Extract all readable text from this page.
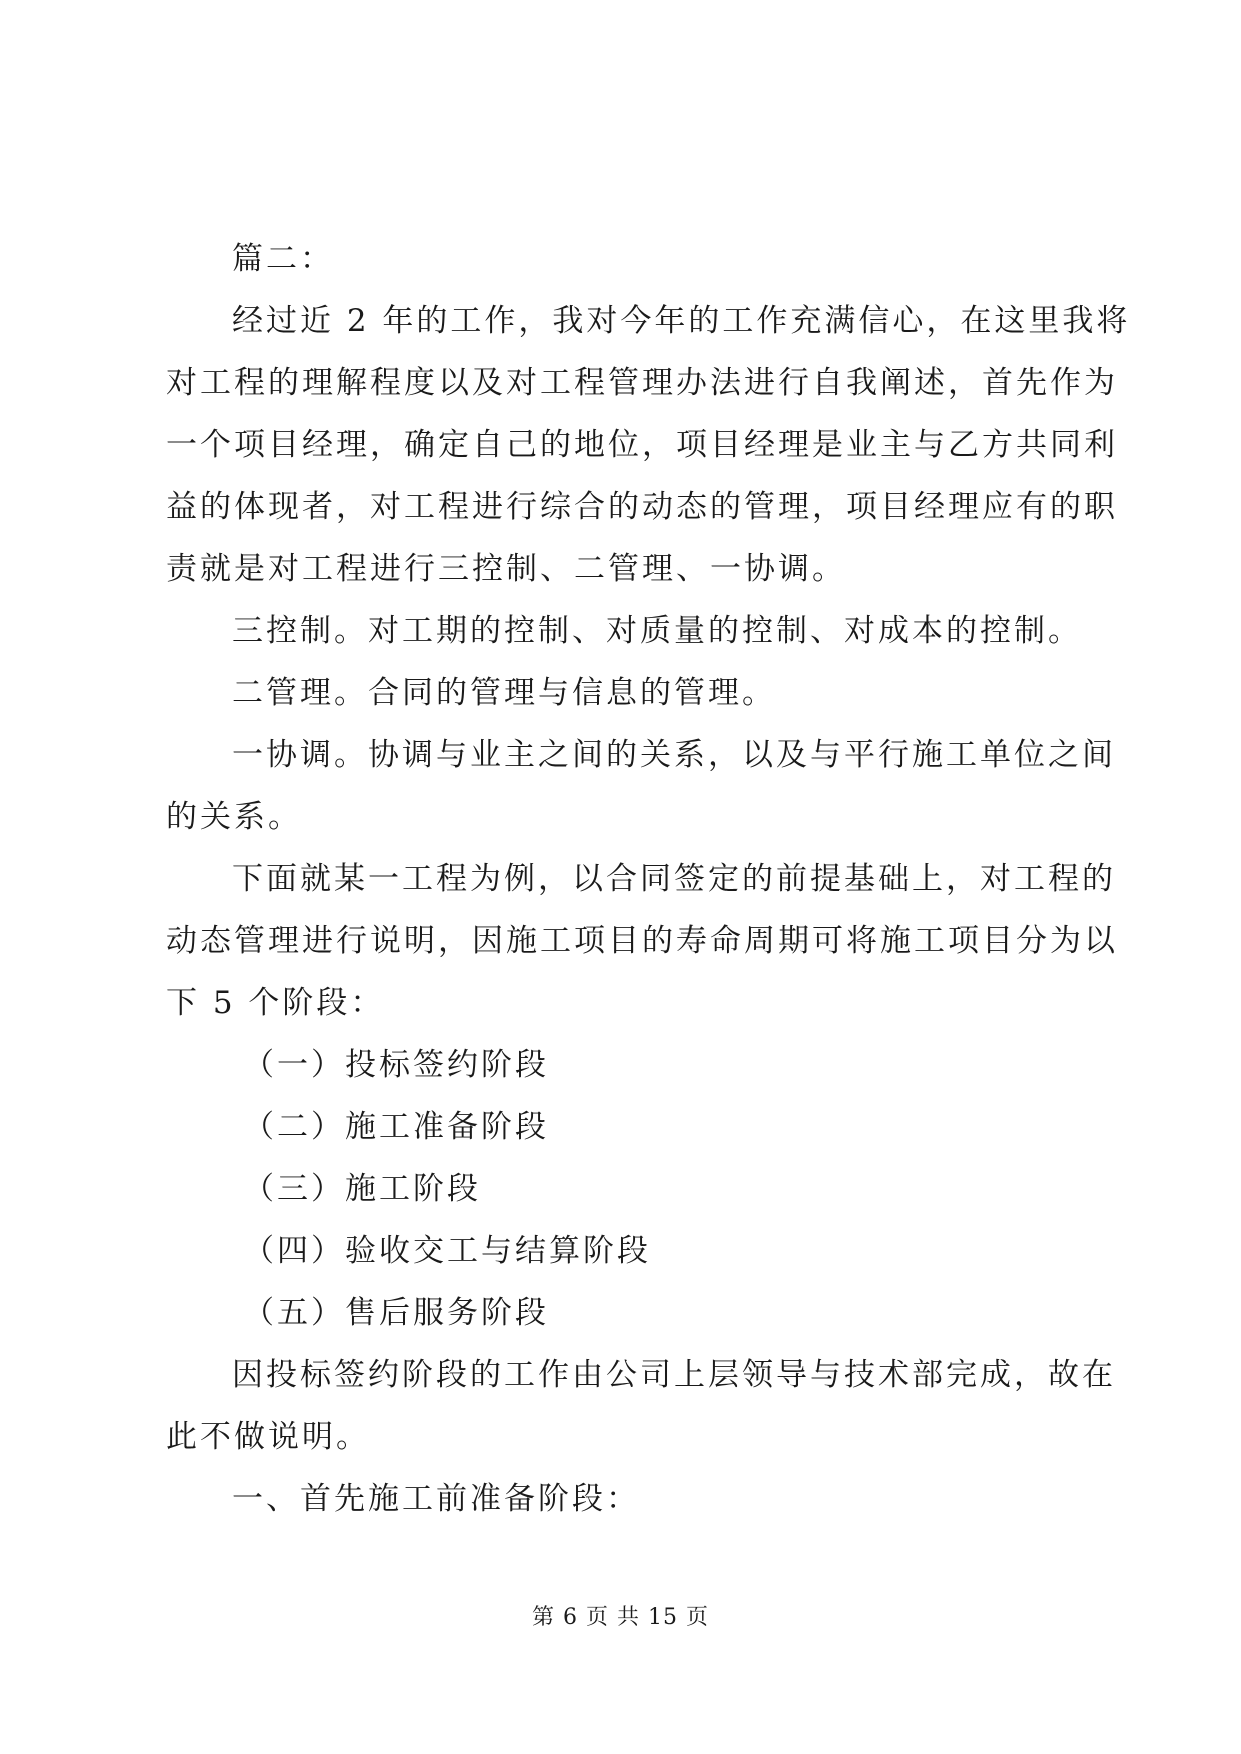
篇二：
经过近 2 年的工作，我对今年的工作充满信心，在这里我将
对工程的理解程度以及对工程管理办法进行自我阐述，首先作为
一个项目经理，确定自己的地位，项目经理是业主与乙方共同利
益的体现者，对工程进行综合的动态的管理，项目经理应有的职
责就是对工程进行三控制、二管理、一协调。
三控制。对工期的控制、对质量的控制、对成本的控制。
二管理。合同的管理与信息的管理。
一协调。协调与业主之间的关系，以及与平行施工单位之间
的关系。
下面就某一工程为例，以合同签定的前提基础上，对工程的
动态管理进行说明，因施工项目的寿命周期可将施工项目分为以
下 5 个阶段：
（一）投标签约阶段
（二）施工准备阶段
（三）施工阶段
（四）验收交工与结算阶段
（五）售后服务阶段
因投标签约阶段的工作由公司上层领导与技术部完成，故在
此不做说明。
一、首先施工前准备阶段：
第 6 页 共 15 页
